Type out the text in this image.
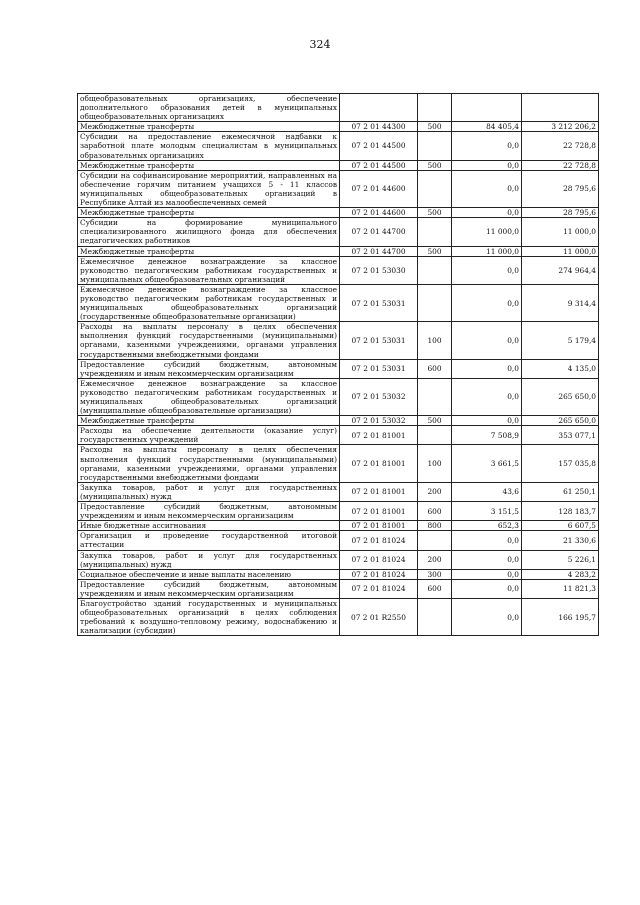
324
общеобразовательных организациях, обеспечение дополнительного образования детей в муниципальных общеобразовательных организациях				
Межбюджетные трансферты	07 2 01 44300	500	84 405,4	3 212 206,2
Субсидии на предоставление ежемесячной надбавки к заработной плате молодым специалистам в муниципальных образовательных организациях	07 2 01 44500		0,0	22 728,8
Межбюджетные трансферты	07 2 01 44500	500	0,0	22 728,8
Субсидии на софинансирование мероприятий, направленных на обеспечение горячим питанием учащихся 5 - 11 классов муниципальных общеобразовательных организаций в Республике Алтай из малообеспеченных семей	07 2 01 44600		0,0	28 795,6
Межбюджетные трансферты	07 2 01 44600	500	0,0	28 795,6
Субсидии на формирование муниципального специализированного жилищного фонда для обеспечения педагогических работников	07 2 01 44700		11 000,0	11 000,0
Межбюджетные трансферты	07 2 01 44700	500	11 000,0	11 000,0
Ежемесячное денежное вознаграждение за классное руководство педагогическим работникам государственных и муниципальных общеобразовательных организаций	07 2 01 53030		0,0	274 964,4
Ежемесячное денежное вознаграждение за классное руководство педагогическим работникам государственных и муниципальных общеобразовательных организаций (государственные общеобразовательные организации)	07 2 01 53031		0,0	9 314,4
Расходы на выплаты персоналу в целях обеспечения выполнения функций государственными (муниципальными) органами, казенными учреждениями, органами управления государственными внебюджетными фондами	07 2 01 53031	100	0,0	5 179,4
Предоставление субсидий бюджетным, автономным учреждениям и иным некоммерческим организациям	07 2 01 53031	600	0,0	4 135,0
Ежемесячное денежное вознаграждение за классное руководство педагогическим работникам государственных и муниципальных общеобразовательных организаций (муниципальные общеобразовательные организации)	07 2 01 53032		0,0	265 650,0
Межбюджетные трансферты	07 2 01 53032	500	0,0	265 650,0
Расходы на обеспечение деятельности (оказание услуг) государственных учреждений	07 2 01 81001		7 508,9	353 077,1
Расходы на выплаты персоналу в целях обеспечения выполнения функций государственными (муниципальными) органами, казенными учреждениями, органами управления государственными внебюджетными фондами	07 2 01 81001	100	3 661,5	157 035,8
Закупка товаров, работ и услуг для государственных (муниципальных) нужд	07 2 01 81001	200	43,6	61 250,1
Предоставление субсидий бюджетным, автономным учреждениям и иным некоммерческим организациям	07 2 01 81001	600	3 151,5	128 183,7
Иные бюджетные ассигнования	07 2 01 81001	800	652,3	6 607,5
Организация и проведение государственной итоговой аттестации	07 2 01 81024		0,0	21 330,6
Закупка товаров, работ и услуг для государственных (муниципальных) нужд	07 2 01 81024	200	0,0	5 226,1
Социальное обеспечение и иные выплаты населению	07 2 01 81024	300	0,0	4 283,2
Предоставление субсидий бюджетным, автономным учреждениям и иным некоммерческим организациям	07 2 01 81024	600	0,0	11 821,3
Благоустройство зданий государственных и муниципальных общеобразовательных организаций в целях соблюдения требований к воздушно-тепловому режиму, водоснабжению и канализации (субсидии)	07 2 01 R2550		0,0	166 195,7
